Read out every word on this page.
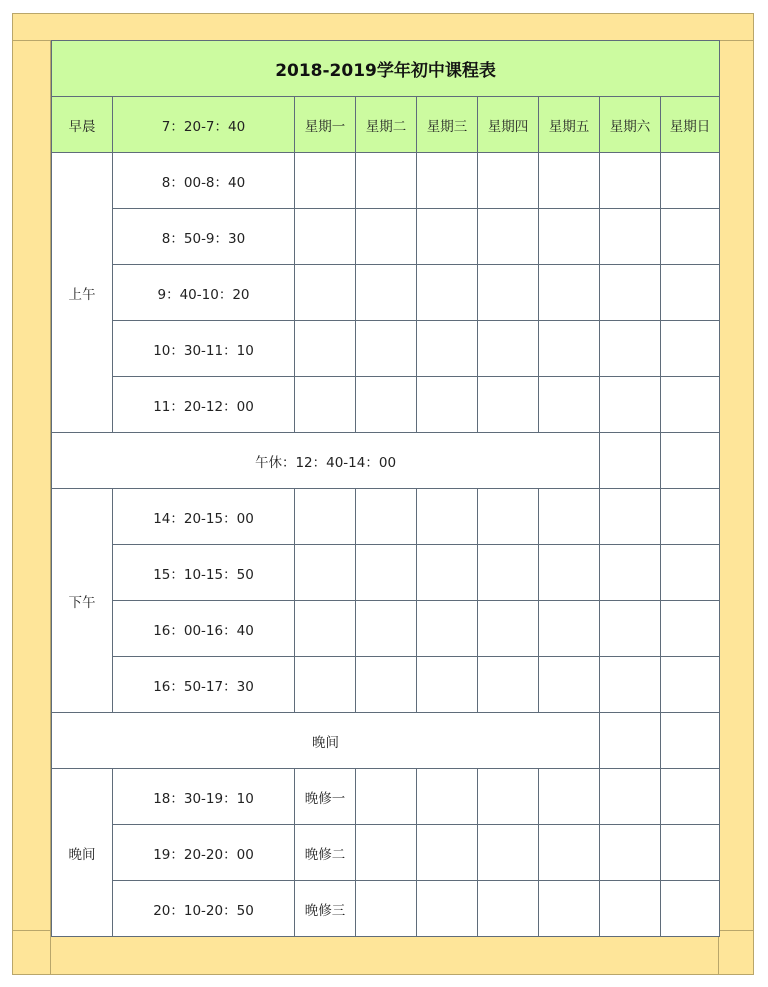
2018-2019学年初中课程表								
早晨	7：20-7：40	星期一	星期二	星期三	星期四	星期五	星期六	星期日
上午	8：00-8：40							
	8：50-9：30							
	9：40-10：20							
	10：30-11：10							
	11：20-12：00							
午休：12：40-14：00								
下午	14：20-15：00							
	15：10-15：50							
	16：00-16：40							
	16：50-17：30							
晚间								
晚间	18：30-19：10	晚修一						
	19：20-20：00	晚修二						
	20：10-20：50	晚修三						
